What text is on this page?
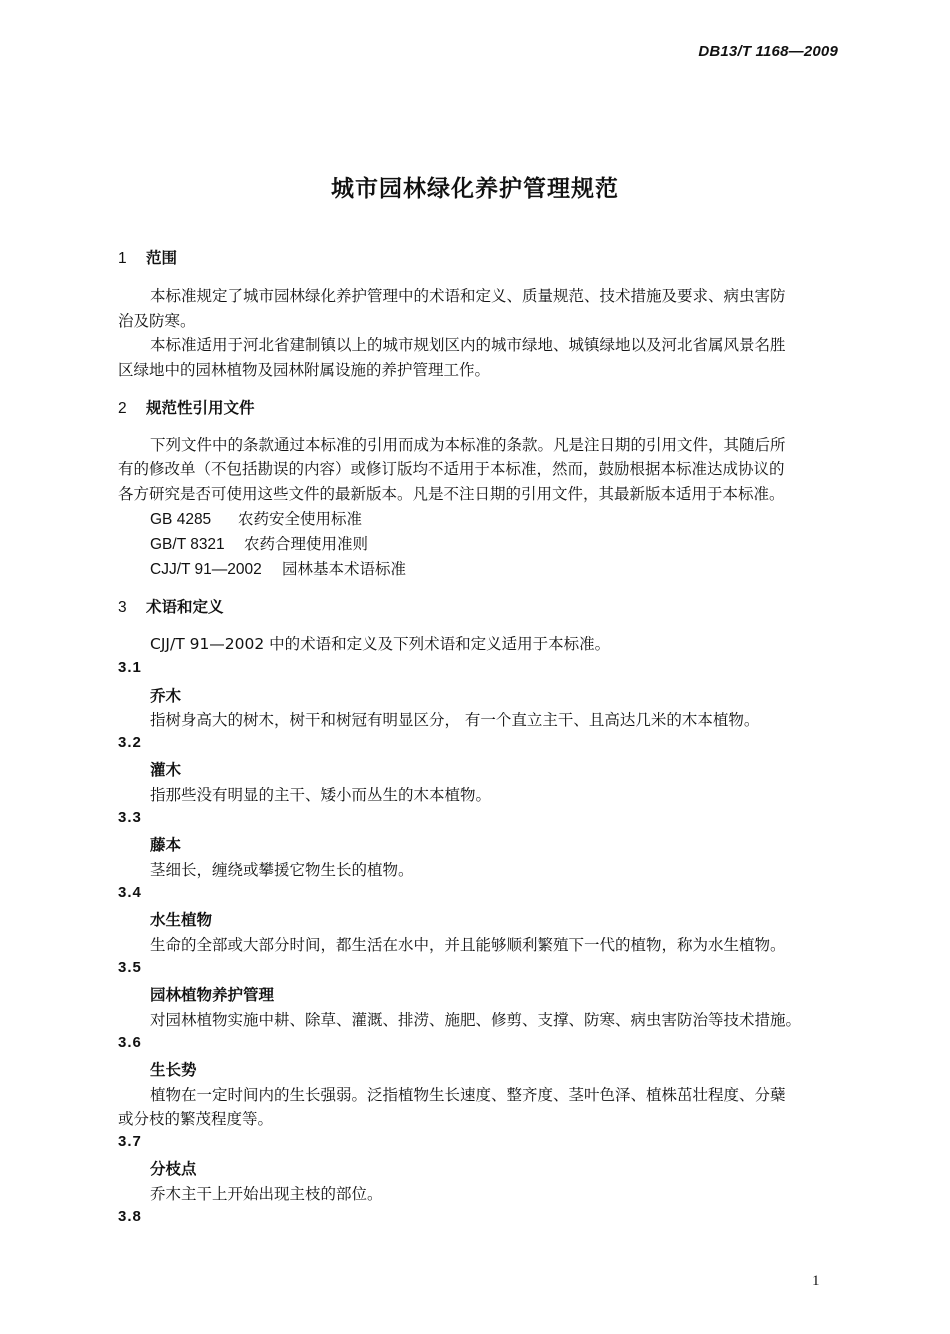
DB13/T 1168—2009
城市园林绿化养护管理规范
1 范围
本标准规定了城市园林绿化养护管理中的术语和定义、质量规范、技术措施及要求、病虫害防
治及防寒。
本标准适用于河北省建制镇以上的城市规划区内的城市绿地、城镇绿地以及河北省属风景名胜
区绿地中的园林植物及园林附属设施的养护管理工作。
2 规范性引用文件
下列文件中的条款通过本标准的引用而成为本标准的条款。凡是注日期的引用文件，其随后所
有的修改单（不包括勘误的内容）或修订版均不适用于本标准，然而，鼓励根据本标准达成协议的
各方研究是否可使用这些文件的最新版本。凡是不注日期的引用文件，其最新版本适用于本标准。
GB 4285 农药安全使用标准
GB/T 8321 农药合理使用准则
CJJ/T 91—2002 园林基本术语标准
3 术语和定义
CJJ/T 91—2002 中的术语和定义及下列术语和定义适用于本标准。
3.1
乔木
指树身高大的树木，树干和树冠有明显区分， 有一个直立主干、且高达几米的木本植物。
3.2
灌木
指那些没有明显的主干、矮小而丛生的木本植物。
3.3
藤本
茎细长，缠绕或攀援它物生长的植物。
3.4
水生植物
生命的全部或大部分时间，都生活在水中，并且能够顺利繁殖下一代的植物，称为水生植物。
3.5
园林植物养护管理
对园林植物实施中耕、除草、灌溉、排涝、施肥、修剪、支撑、防寒、病虫害防治等技术措施。
3.6
生长势
植物在一定时间内的生长强弱。泛指植物生长速度、整齐度、茎叶色泽、植株茁壮程度、分蘖
或分枝的繁茂程度等。
3.7
分枝点
乔木主干上开始出现主枝的部位。
3.8
1
